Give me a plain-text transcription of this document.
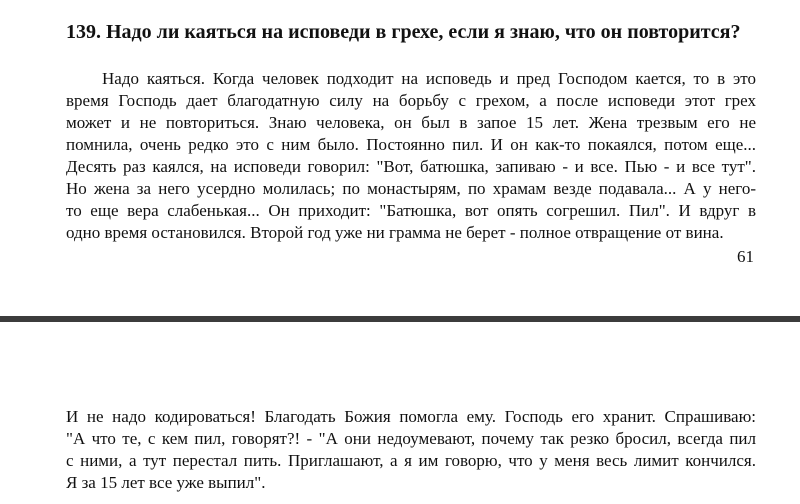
139. Надо ли каяться на исповеди в грехе, если я знаю, что он повторится?
Надо каяться. Когда человек подходит на исповедь и пред Господом кается, то в это
время Господь дает благодатную силу на борьбу с грехом, а после исповеди этот грех
может и не повториться. Знаю человека, он был в запое 15 лет. Жена трезвым его не
помнила, очень редко это с ним было. Постоянно пил. И он как-то покаялся, потом еще...
Десять раз каялся, на исповеди говорил: "Вот, батюшка, запиваю - и все. Пью - и все тут".
Но жена за него усердно молилась; по монастырям, по храмам везде подавала... А у него-
то еще вера слабенькая... Он приходит: "Батюшка, вот опять согрешил. Пил". И вдруг в
одно время остановился. Второй год уже ни грамма не берет - полное отвращение от вина.
61
И не надо кодироваться! Благодать Божия помогла ему. Господь его хранит. Спрашиваю:
"А что те, с кем пил, говорят?! - "А они недоумевают, почему так резко бросил, всегда пил
с ними, а тут перестал пить. Приглашают, а я им говорю, что у меня весь лимит кончился.
Я за 15 лет все уже выпил".
